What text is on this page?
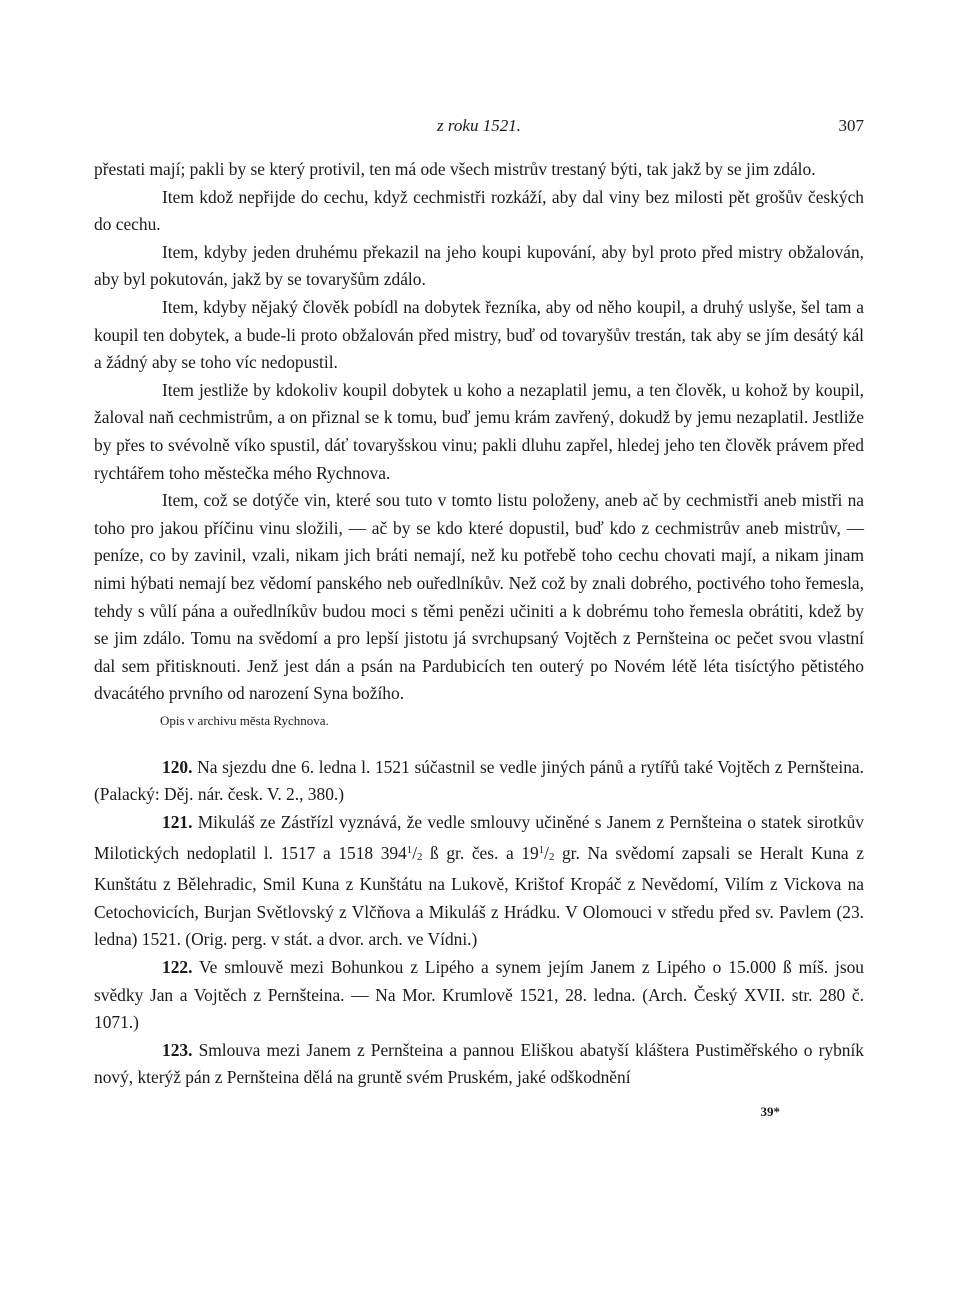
z roku 1521.	307

přestati mají; pakli by se který protivil, ten má ode všech mistrův trestaný býti, tak jakž by se jim zdálo.

Item kdož nepřijde do cechu, když cechmistři rozkáží, aby dal viny bez milosti pět grošův českých do cechu.

Item, kdyby jeden druhému překazil na jeho koupi kupování, aby byl proto před mistry obžalován, aby byl pokutován, jakž by se tovaryšům zdálo.

Item, kdyby nějaký člověk pobídl na dobytek řezníka, aby od něho koupil, a druhý uslyše, šel tam a koupil ten dobytek, a bude-li proto obžalován před mistry, buď od tovaryšův trestán, tak aby se jím desátý kál a žádný aby se toho víc nedopustil.

Item jestliže by kdokoliv koupil dobytek u koho a nezaplatil jemu, a ten člověk, u kohož by koupil, žaloval naň cechmistrům, a on přiznal se k tomu, buď jemu krám zavřený, dokudž by jemu nezaplatil. Jestliže by přes to svévolně víko spustil, dáť tovaryšskou vinu; pakli dluhu zapřel, hledej jeho ten člověk právem před rychtářem toho městečka mého Rychnova.

Item, což se dotýče vin, které sou tuto v tomto listu položeny, aneb ač by cechmistři aneb mistři na toho pro jakou příčinu vinu složili, — ač by se kdo které dopustil, buď kdo z cechmistrův aneb mistrův, — peníze, co by zavinil, vzali, nikam jich bráti nemají, než ku potřebě toho cechu chovati mají, a nikam jinam nimi hýbati nemají bez vědomí panského neb ouředlníkův. Než což by znali dobrého, poctivého toho řemesla, tehdy s vůlí pána a ouředlníkův budou moci s těmi penězi učiniti a k dobrému toho řemesla obrátiti, kdež by se jim zdálo. Tomu na svědomí a pro lepší jistotu já svrchupsaný Vojtěch z Pernšteina oc pečet svou vlastní dal sem přitisknouti. Jenž jest dán a psán na Pardubicích ten outerý po Novém létě léta tisíctýho pětistého dvacátého prvního od narození Syna božího.

Opis v archivu města Rychnova.

120. Na sjezdu dne 6. ledna l. 1521 súčastnil se vedle jiných pánů a rytířů také Vojtěch z Pernšteina. (Palacký: Děj. nár. česk. V. 2., 380.)

121. Mikuláš ze Zástřízl vyznává, že vedle smlouvy učiněné s Janem z Pernšteina o statek sirotkův Milotických nedoplatil l. 1517 a 1518 $394^1/2$ ß gr. čes. a $19^1/2$ gr. Na svědomí zapsali se Heralt Kuna z Kunštátu z Bělehradic, Smil Kuna z Kunštátu na Lukově, Krištof Kropáč z Nevědomí, Vilím z Vickova na Cetochovicích, Burjan Světlovský z Vlčňova a Mikuláš z Hrádku. V Olomouci v středu před sv. Pavlem (23. ledna) 1521. (Orig. perg. v stát. a dvor. arch. ve Vídni.)

122. Ve smlouvě mezi Bohunkou z Lipého a synem jejím Janem z Lipého o 15.000 ß míš. jsou svědky Jan a Vojtěch z Pernšteina. — Na Mor. Krumlově 1521, 28. ledna. (Arch. Český XVII. str. 280 č. 1071.)

123. Smlouva mezi Janem z Pernšteina a pannou Eliškou abatyší kláštera Pustiměřského o rybník nový, kterýž pán z Pernšteina dělá na gruntě svém Pruském, jaké odškodnění

39*
